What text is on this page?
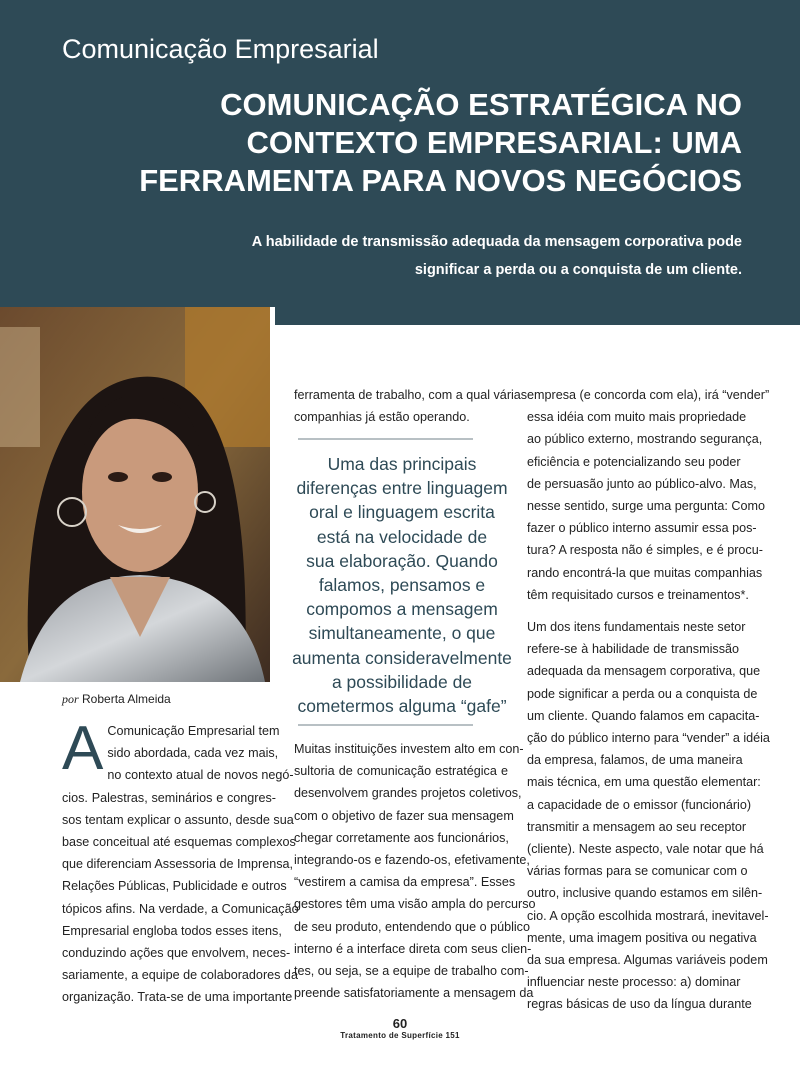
Comunicação Empresarial
COMUNICAÇÃO ESTRATÉGICA NO
CONTEXTO EMPRESARIAL: UMA
FERRAMENTA PARA NOVOS NEGÓCIOS
A habilidade de transmissão adequada da mensagem corporativa pode
significar a perda ou a conquista de um cliente.
por Roberta Almeida
A Comunicação Empresarial tem
sido abordada, cada vez mais,
no contexto atual de novos negó-
cios. Palestras, seminários e congres-
sos tentam explicar o assunto, desde sua
base conceitual até esquemas complexos
que diferenciam Assessoria de Imprensa,
Relações Públicas, Publicidade e outros
tópicos afins. Na verdade, a Comunicação
Empresarial engloba todos esses itens,
conduzindo ações que envolvem, neces-
sariamente, a equipe de colaboradores da
organização. Trata-se de uma importante
ferramenta de trabalho, com a qual várias
companhias já estão operando.
Uma das principais
diferenças entre linguagem
oral e linguagem escrita
está na velocidade de
sua elaboração. Quando
falamos, pensamos e
compomos a mensagem
simultaneamente, o que
aumenta consideravelmente
a possibilidade de
cometermos alguma “gafe”
Muitas instituições investem alto em con-
sultoria de comunicação estratégica e
desenvolvem grandes projetos coletivos,
com o objetivo de fazer sua mensagem
chegar corretamente aos funcionários,
integrando-os e fazendo-os, efetivamente,
“vestirem a camisa da empresa”. Esses
gestores têm uma visão ampla do percurso
de seu produto, entendendo que o público
interno é a interface direta com seus clien-
tes, ou seja, se a equipe de trabalho com-
preende satisfatoriamente a mensagem da

empresa (e concorda com ela), irá “vender”
essa idéia com muito mais propriedade
ao público externo, mostrando segurança,
eficiência e potencializando seu poder
de persuasão junto ao público-alvo. Mas,
nesse sentido, surge uma pergunta: Como
fazer o público interno assumir essa pos-
tura? A resposta não é simples, e é procu-
rando encontrá-la que muitas companhias
têm requisitado cursos e treinamentos*.

Um dos itens fundamentais neste setor
refere-se à habilidade de transmissão
adequada da mensagem corporativa, que
pode significar a perda ou a conquista de
um cliente. Quando falamos em capacita-
ção do público interno para “vender” a idéia
da empresa, falamos, de uma maneira
mais técnica, em uma questão elementar:
a capacidade de o emissor (funcionário)
transmitir a mensagem ao seu receptor
(cliente). Neste aspecto, vale notar que há
várias formas para se comunicar com o
outro, inclusive quando estamos em silên-
cio. A opção escolhida mostrará, inevitavel-
mente, uma imagem positiva ou negativa
da sua empresa. Algumas variáveis podem
influenciar neste processo: a) dominar
regras básicas de uso da língua durante

60
Tratamento de Superfície 151
